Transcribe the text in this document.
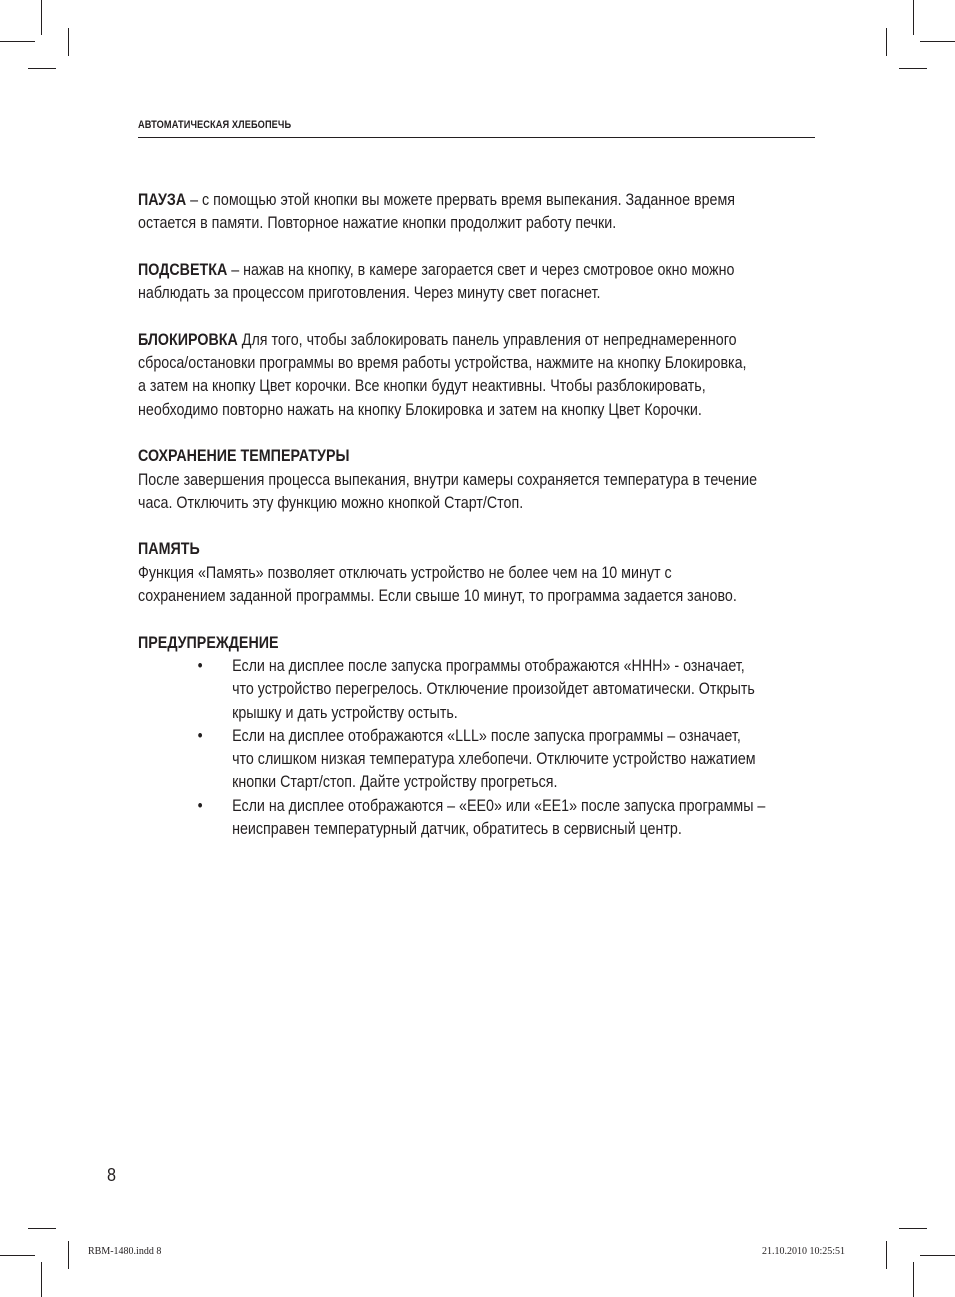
АВТОМАТИЧЕСКАЯ ХЛЕБОПЕЧЬ
ПАУЗА – с помощью этой кнопки вы можете прервать время выпекания. Заданное время
остается в памяти. Повторное нажатие кнопки продолжит работу печки.
ПОДСВЕТКА – нажав на кнопку, в камере загорается свет и через смотровое окно можно
наблюдать за процессом приготовления. Через минуту свет погаснет.
БЛОКИРОВКА Для того, чтобы заблокировать панель управления от непреднамеренного
сброса/остановки программы во время работы устройства, нажмите на кнопку Блокировка,
а затем на кнопку Цвет корочки. Все кнопки будут неактивны. Чтобы разблокировать,
необходимо повторно нажать на кнопку Блокировка и затем на кнопку Цвет Корочки.
СОХРАНЕНИЕ ТЕМПЕРАТУРЫ
После завершения процесса выпекания, внутри камеры сохраняется температура в течение
часа. Отключить эту функцию можно кнопкой Старт/Стоп.
ПАМЯТЬ
Функция «Память» позволяет отключать устройство не более чем на 10 минут с
сохранением заданной программы. Если свыше 10 минут, то программа задается заново.
ПРЕДУПРЕЖДЕНИЕ
• Если на дисплее после запуска программы отображаются «HHH» - означает,
что устройство перегрелось. Отключение произойдет автоматически. Открыть
крышку и дать устройству остыть.
• Если на дисплее отображаются «LLL» после запуска программы – означает,
что слишком низкая температура хлебопечи. Отключите устройство нажатием
кнопки Старт/стоп. Дайте устройству прогреться.
• Если на дисплее отображаются – «EE0» или «EE1» после запуска программы –
неисправен температурный датчик, обратитесь в сервисный центр.
8
RBM-1480.indd 8	21.10.2010 10:25:51
